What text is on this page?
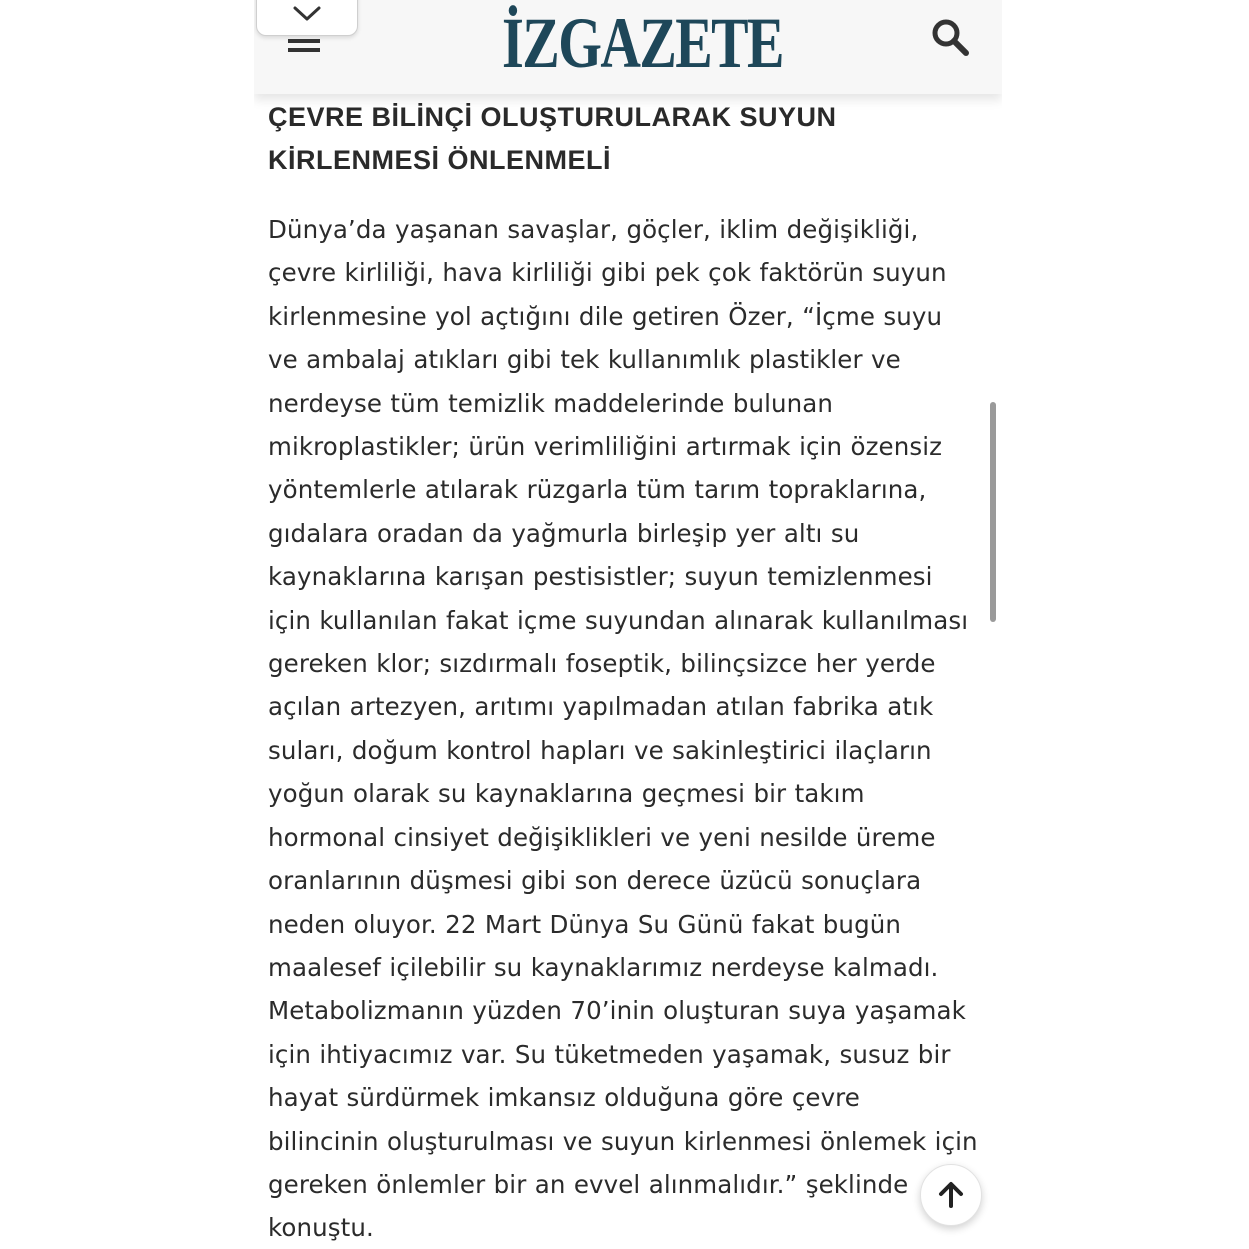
İZGAZETE
ÇEVRE BİLİNÇİ OLUŞTURULARAK SUYUN
KİRLENMESİ ÖNLENMELİ

Dünya’da yaşanan savaşlar, göçler, iklim değişikliği,
çevre kirliliği, hava kirliliği gibi pek çok faktörün suyun
kirlenmesine yol açtığını dile getiren Özer, “İçme suyu
ve ambalaj atıkları gibi tek kullanımlık plastikler ve
nerdeyse tüm temizlik maddelerinde bulunan
mikroplastikler; ürün verimliliğini artırmak için özensiz
yöntemlerle atılarak rüzgarla tüm tarım topraklarına,
gıdalara oradan da yağmurla birleşip yer altı su
kaynaklarına karışan pestisistler; suyun temizlenmesi
için kullanılan fakat içme suyundan alınarak kullanılması
gereken klor; sızdırmalı foseptik, bilinçsizce her yerde
açılan artezyen, arıtımı yapılmadan atılan fabrika atık
suları, doğum kontrol hapları ve sakinleştirici ilaçların
yoğun olarak su kaynaklarına geçmesi bir takım
hormonal cinsiyet değişiklikleri ve yeni nesilde üreme
oranlarının düşmesi gibi son derece üzücü sonuçlara
neden oluyor. 22 Mart Dünya Su Günü fakat bugün
maalesef içilebilir su kaynaklarımız nerdeyse kalmadı.
Metabolizmanın yüzden 70’inin oluşturan suya yaşamak
için ihtiyacımız var. Su tüketmeden yaşamak, susuz bir
hayat sürdürmek imkansız olduğuna göre çevre
bilincinin oluşturulması ve suyun kirlenmesi önlemek için
gereken önlemler bir an evvel alınmalıdır.” şeklinde
konuştu.
